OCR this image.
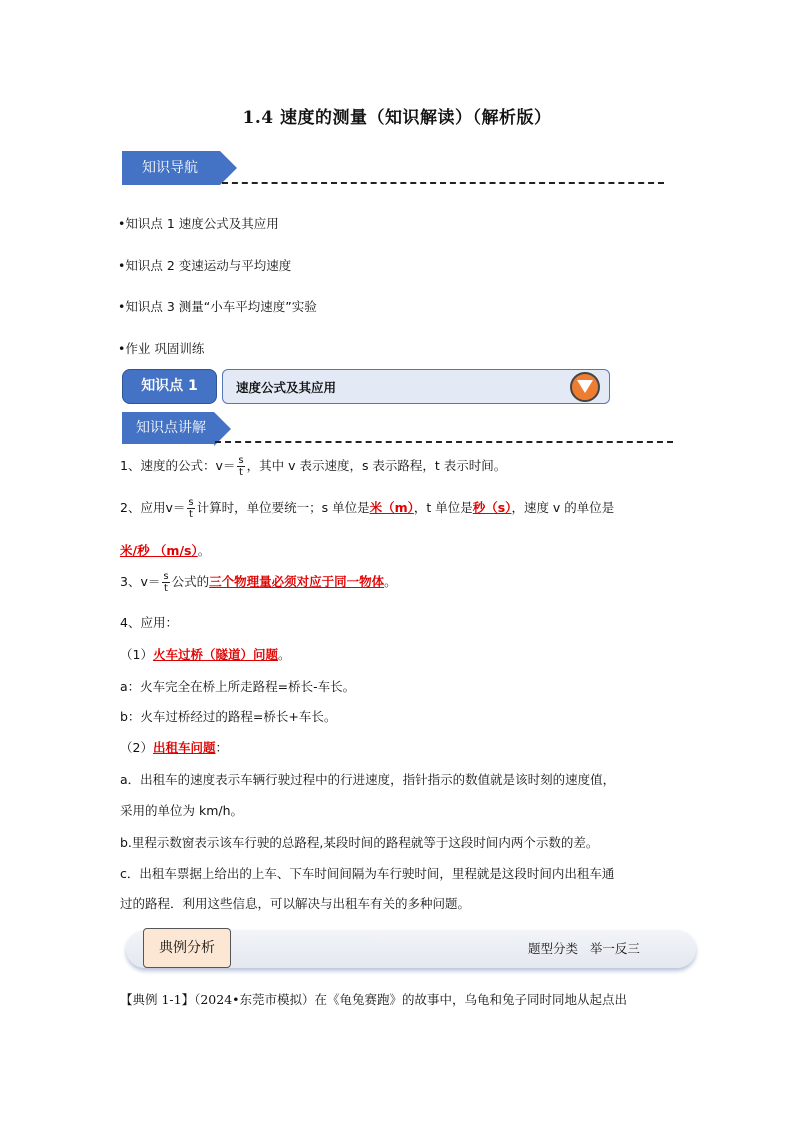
1.4 速度的测量（知识解读）（解析版）
知识导航
•知识点 1 速度公式及其应用
•知识点 2 变速运动与平均速度
•知识点 3 测量“小车平均速度”实验
•作业 巩固训练
知识点 1	速度公式及其应用
知识点讲解
1、速度的公式：$v= \frac{s}{t}$ ，其中 v 表示速度，s 表示路程，t 表示时间。
2、应用$v= \frac{s}{t}$ 计算时，单位要统一；s 单位是米（m），t 单位是秒（s），速度 v 的单位是
米/秒 （m/s）。
3、$v= \frac{s}{t}$ 公式的三个物理量必须对应于同一物体。
4、应用：
（1）火车过桥（隧道）问题。
a：火车完全在桥上所走路程=桥长-车长。
b：火车过桥经过的路程=桥长+车长。
（2）出租车问题：
a．出租车的速度表示车辆行驶过程中的行进速度，指针指示的数值就是该时刻的速度值，
采用的单位为 km/h。
b.里程示数窗表示该车行驶的总路程,某段时间的路程就等于这段时间内两个示数的差。
c．出租车票据上给出的上车、下车时间间隔为车行驶时间，里程就是这段时间内出租车通
过的路程．利用这些信息，可以解决与出租车有关的多种问题。
典例分析	题型分类   举一反三
【典例 1-1】（2024•东莞市模拟）在《龟兔赛跑》的故事中，乌龟和兔子同时同地从起点出
